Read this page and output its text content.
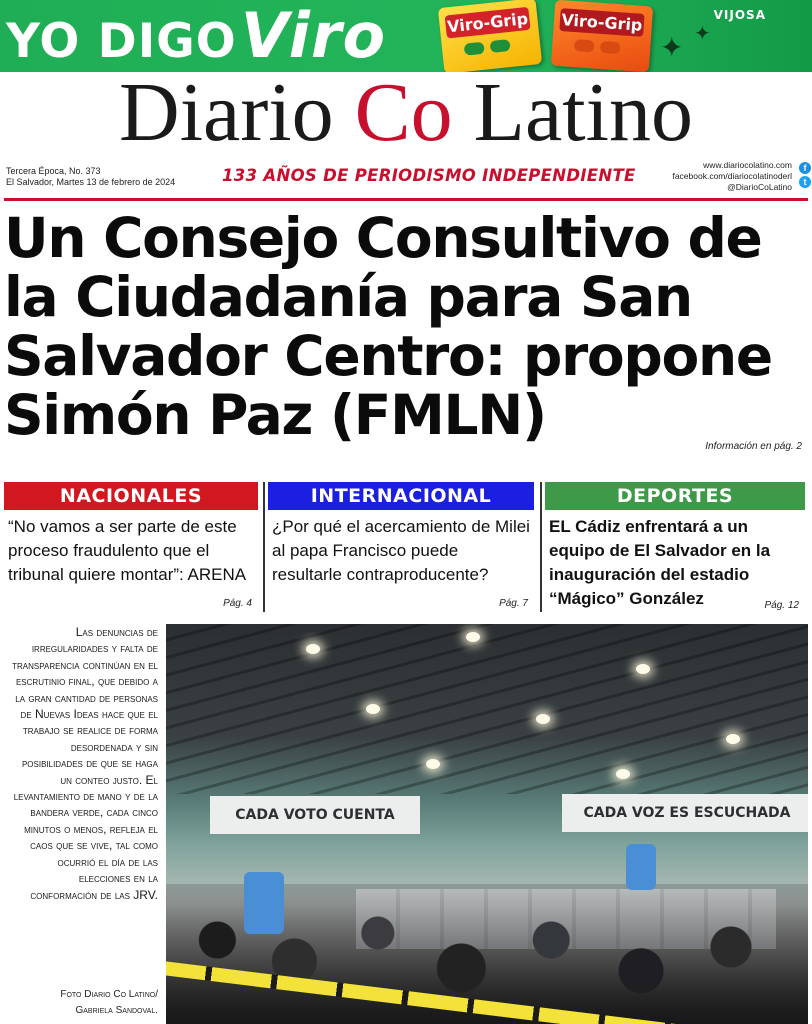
YO DIGOViro	Viro-Grip Viro-Grip
✦ ✦
VIJOSA
Diario Co Latino
Tercera Época, No. 373
El Salvador, Martes 13 de febrero de 2024	133 AÑOS DE PERIODISMO INDEPENDIENTE
www.diariocolatino.com
facebook.com/diariocolatinoderl
@DiarioCoLatino
f
t
Un Consejo Consultivo de la Ciudadanía para San Salvador Centro: propone Simón Paz (FMLN)	Información en pág. 2
NACIONALES
“No vamos a ser parte de este proceso fraudulento que el tribunal quiere montar”: ARENA
Pág. 4
INTERNACIONAL
¿Por qué el acercamiento de Milei al papa Francisco puede resultarle contraproducente?
Pág. 7
DEPORTES
EL Cádiz enfrentará a un equipo de El Salvador en la inauguración del estadio “Mágico” González	Pág. 12

Las denuncias de irregularidades y falta de transparencia continúan en el escrutinio final, que debido a la gran cantidad de personas de Nuevas Ideas hace que el trabajo se realice de forma desordenada y sin posibilidades de que se haga un conteo justo. El levantamiento de mano y de la bandera verde, cada cinco minutos o menos, refleja el caos que se vive, tal como ocurrió el día de las elecciones en la conformación de las JRV.

Foto Diario Co Latino/
Gabriela Sandoval.
CADA VOTO CUENTA	CADA VOZ ES ESCUCHADA
